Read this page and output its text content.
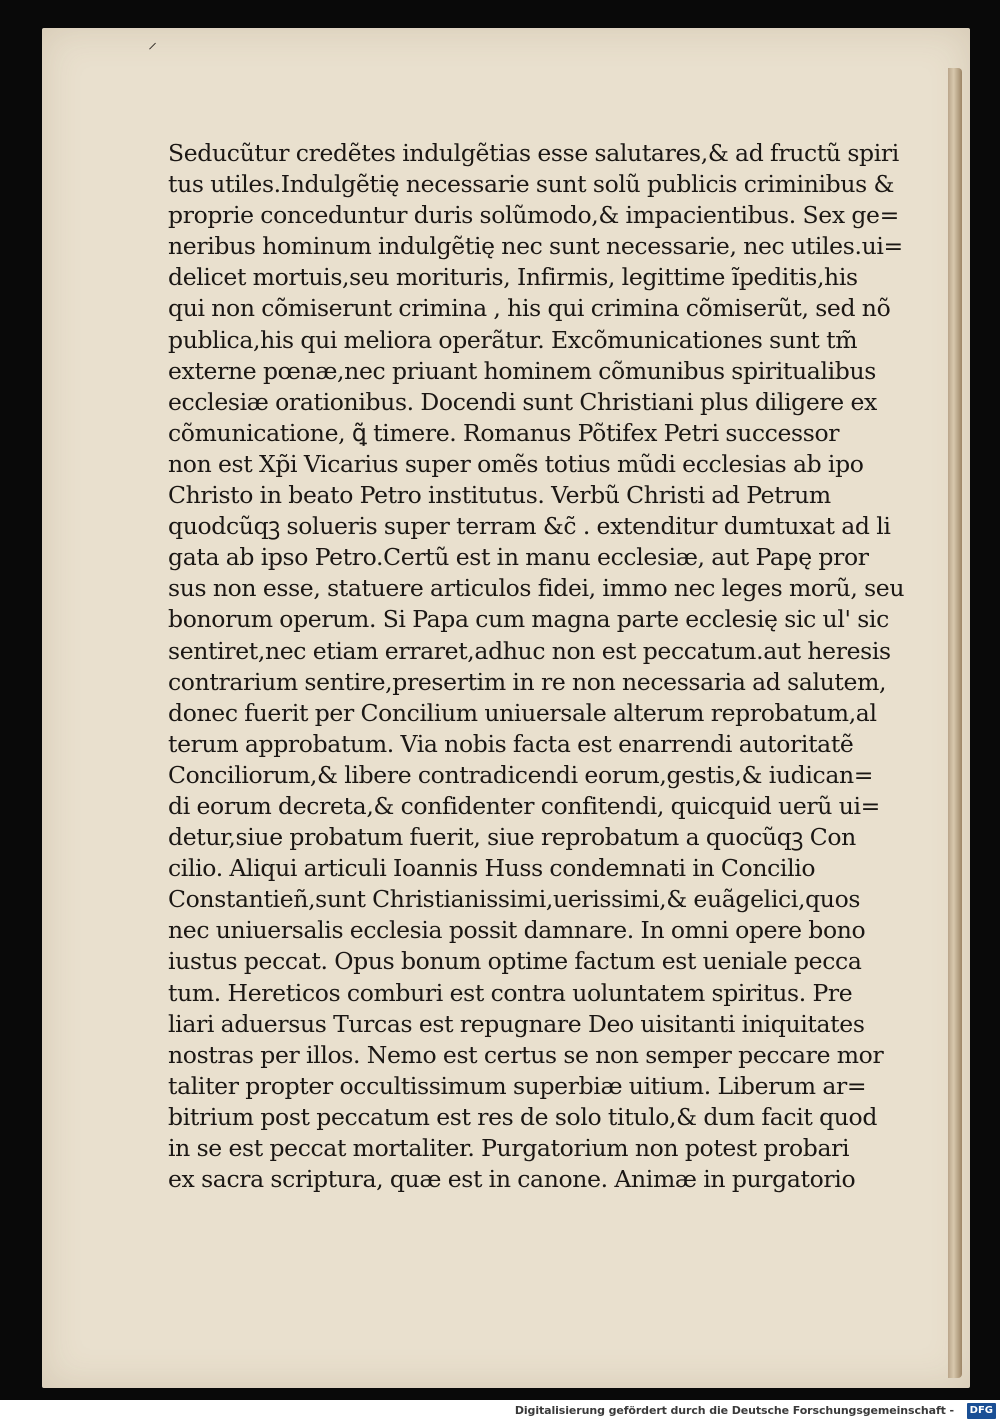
⸝
Seducũtur credẽtes indulgẽtias esse salutares,& ad fructũ spiri
tus utiles.Indulgẽtię necessarie sunt solũ publicis criminibus &
proprie conceduntur duris solũmodo,& impacientibus. Sex ge=
neribus hominum indulgẽtię nec sunt necessarie, nec utiles.ui=
delicet mortuis,seu morituris, Infirmis, legittime ĩpeditis,his
qui non cõmiserunt crimina , his qui crimina cõmiserũt, sed nõ
publica,his qui meliora operãtur. Excõmunicationes sunt tm̃
externe pœnæ,nec priuant hominem cõmunibus spiritualibus
ecclesiæ orationibus. Docendi sunt Christiani plus diligere ex
cõmunicatione, ꝗ̃ timere. Romanus Põtifex Petri successor
non est Xp̃i Vicarius super omẽs totius mũdi ecclesias ab ipo
Christo in beato Petro institutus. Verbũ Christi ad Petrum
quodcũqꝫ solueris super terram &c̃ . extenditur dumtuxat ad li
gata ab ipso Petro.Certũ est in manu ecclesiæ, aut Papę pror
sus non esse, statuere articulos fidei, immo nec leges morũ, seu
bonorum operum. Si Papa cum magna parte ecclesię sic ul' sic
sentiret,nec etiam erraret,adhuc non est peccatum.aut heresis
contrarium sentire,presertim in re non necessaria ad salutem,
donec fuerit per Concilium uniuersale alterum reprobatum,al
terum approbatum. Via nobis facta est enarrendi autoritatẽ
Conciliorum,& libere contradicendi eorum,gestis,& iudican=
di eorum decreta,& confidenter confitendi, quicquid uerũ ui=
detur,siue probatum fuerit, siue reprobatum a quocũqꝫ Con
cilio. Aliqui articuli Ioannis Huss condemnati in Concilio
Constantieñ,sunt Christianissimi,uerissimi,& euãgelici,quos
nec uniuersalis ecclesia possit damnare. In omni opere bono
iustus peccat. Opus bonum optime factum est ueniale pecca
tum. Hereticos comburi est contra uoluntatem spiritus. Pre
liari aduersus Turcas est repugnare Deo uisitanti iniquitates
nostras per illos. Nemo est certus se non semper peccare mor
taliter propter occultissimum superbiæ uitium. Liberum ar=
bitrium post peccatum est res de solo titulo,& dum facit quod
in se est peccat mortaliter. Purgatorium non potest probari
ex sacra scriptura, quæ est in canone. Animæ in purgatorio
Digitalisierung gefördert durch die Deutsche Forschungsgemeinschaft -	DFG
